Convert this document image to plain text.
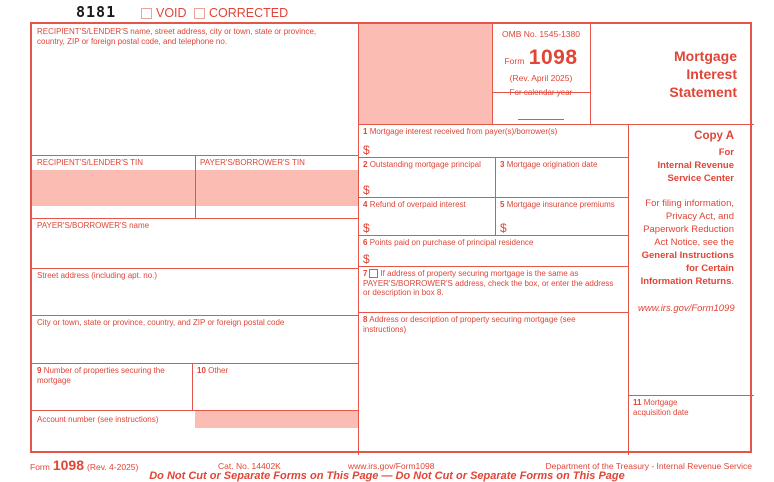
8181	VOID CORRECTED
OMB No. 1545-1380
Form 1098
(Rev. April 2025)
For calendar year
Mortgage
Interest
Statement
RECIPIENT'S/LENDER'S name, street address, city or town, state or province, country, ZIP or foreign postal code, and telephone no.
RECIPIENT'S/LENDER'S TIN	PAYER'S/BORROWER'S TIN
PAYER'S/BORROWER'S name
Street address (including apt. no.)
City or town, state or province, country, and ZIP or foreign postal code
9 Number of properties securing the mortgage
10 Other
Account number (see instructions)
1 Mortgage interest received from payer(s)/borrower(s)
$
2 Outstanding mortgage principal
$
3 Mortgage origination date
4 Refund of overpaid interest
$
5 Mortgage insurance premiums
$
6 Points paid on purchase of principal residence
$
7 If address of property securing mortgage is the same as PAYER'S/BORROWER'S address, check the box, or enter the address or description in box 8.
8 Address or description of property securing mortgage (see instructions)
Copy A
For
Internal Revenue
Service Center
For filing information, Privacy Act, and Paperwork Reduction Act Notice, see the General Instructions for Certain Information Returns.
www.irs.gov/Form1099
11 Mortgage acquisition date
Form 1098 (Rev. 4-2025)	Cat. No. 14402K	www.irs.gov/Form1098	Department of the Treasury - Internal Revenue Service
Do Not Cut or Separate Forms on This Page — Do Not Cut or Separate Forms on This Page
